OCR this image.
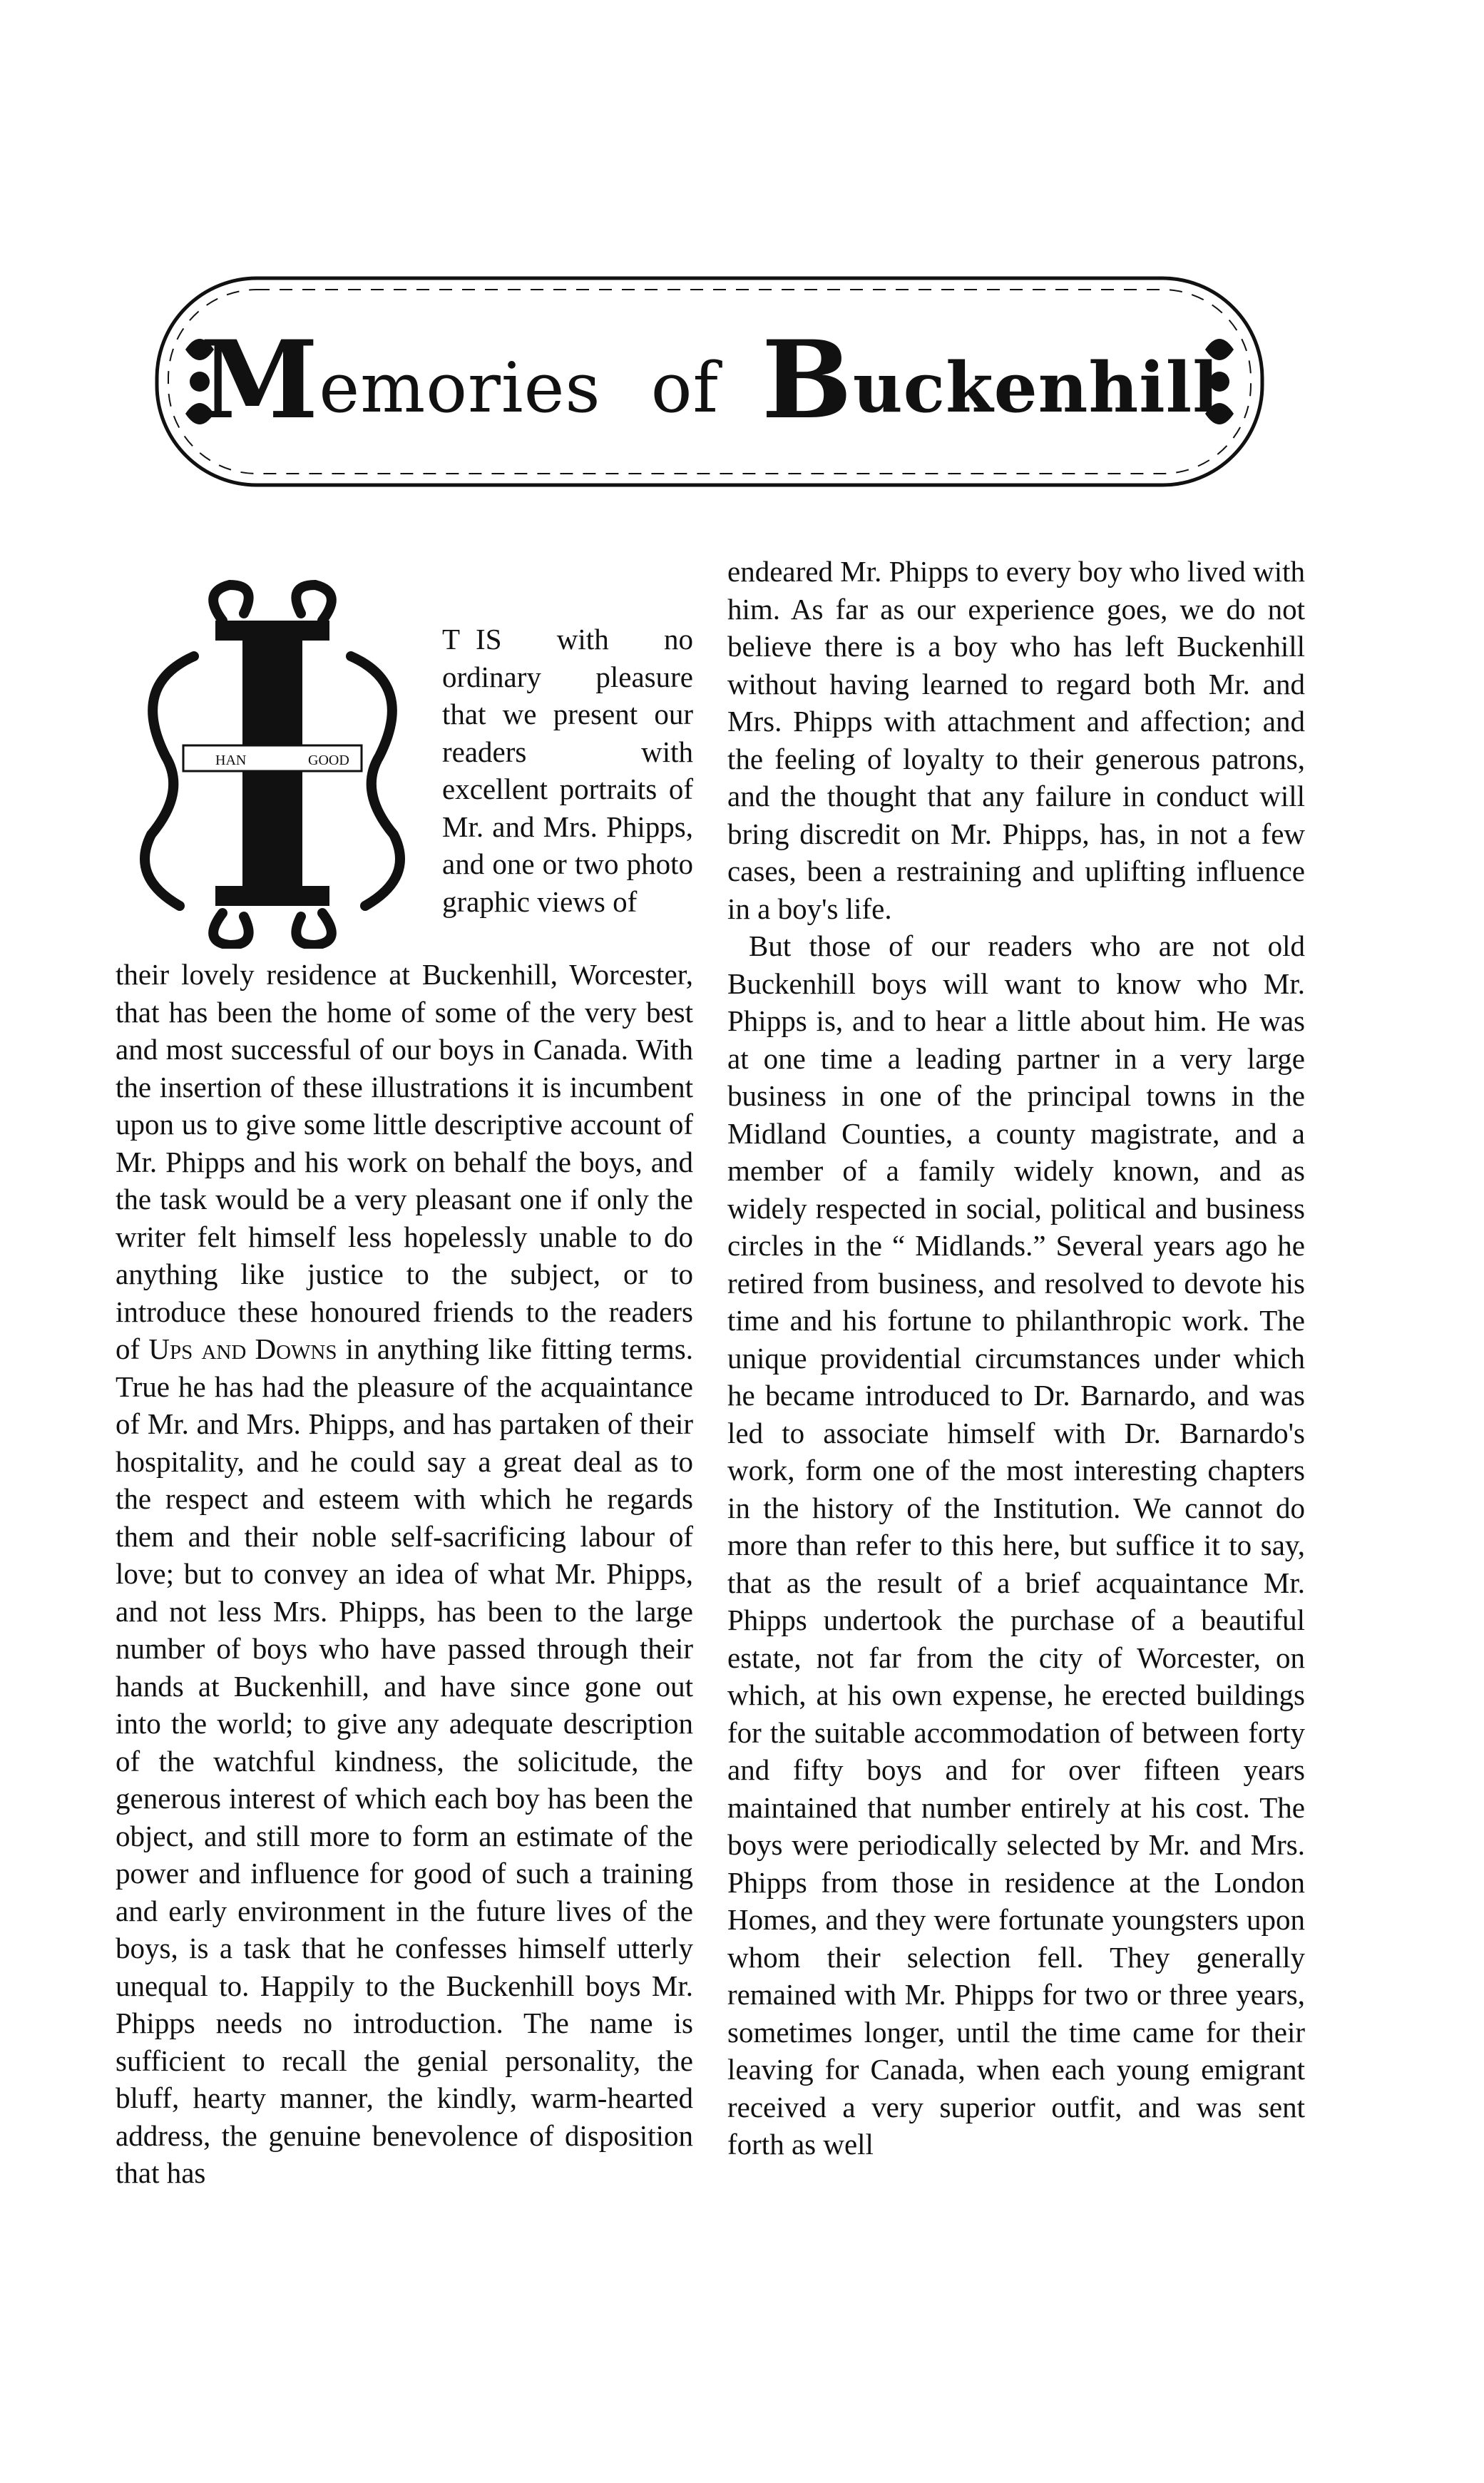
Memories of Buckenhill
HAN	GOOD
T IS with no ordinary pleasure that we present our readers with excellent portraits of Mr. and Mrs. Phipps, and one or two photo graphic views of

their lovely residence at Buckenhill, Worcester, that has been the home of some of the very best and most successful of our boys in Canada. With the insertion of these illustrations it is incumbent upon us to give some little descriptive account of Mr. Phipps and his work on behalf the boys, and the task would be a very pleasant one if only the writer felt himself less hopelessly unable to do anything like justice to the subject, or to introduce these honoured friends to the readers of Ups and Downs in anything like fitting terms. True he has had the pleasure of the acquaintance of Mr. and Mrs. Phipps, and has partaken of their hospitality, and he could say a great deal as to the respect and esteem with which he regards them and their noble self-sacrificing labour of love; but to convey an idea of what Mr. Phipps, and not less Mrs. Phipps, has been to the large number of boys who have passed through their hands at Buckenhill, and have since gone out into the world; to give any adequate description of the watchful kindness, the solicitude, the generous interest of which each boy has been the object, and still more to form an estimate of the power and influence for good of such a training and early environment in the future lives of the boys, is a task that he confesses himself utterly unequal to. Happily to the Buckenhill boys Mr. Phipps needs no introduction. The name is sufficient to recall the genial personality, the bluff, hearty manner, the kindly, warm-hearted address, the genuine benevolence of disposition that has

endeared Mr. Phipps to every boy who lived with him. As far as our experience goes, we do not believe there is a boy who has left Buckenhill without having learned to regard both Mr. and Mrs. Phipps with attachment and affection; and the feeling of loyalty to their generous patrons, and the thought that any failure in conduct will bring discredit on Mr. Phipps, has, in not a few cases, been a restraining and uplifting influence in a boy's life.

But those of our readers who are not old Buckenhill boys will want to know who Mr. Phipps is, and to hear a little about him. He was at one time a leading partner in a very large business in one of the principal towns in the Midland Counties, a county magistrate, and a member of a family widely known, and as widely respected in social, political and business circles in the “ Midlands.” Several years ago he retired from business, and resolved to devote his time and his fortune to philanthropic work. The unique providential circumstances under which he became introduced to Dr. Barnardo, and was led to associate himself with Dr. Barnardo's work, form one of the most interesting chapters in the history of the Institution. We cannot do more than refer to this here, but suffice it to say, that as the result of a brief acquaintance Mr. Phipps undertook the purchase of a beautiful estate, not far from the city of Worcester, on which, at his own expense, he erected buildings for the suitable accommodation of between forty and fifty boys and for over fifteen years maintained that number entirely at his cost. The boys were periodically selected by Mr. and Mrs. Phipps from those in residence at the London Homes, and they were fortunate youngsters upon whom their selection fell. They generally remained with Mr. Phipps for two or three years, sometimes longer, until the time came for their leaving for Canada, when each young emigrant received a very superior outfit, and was sent forth as well
